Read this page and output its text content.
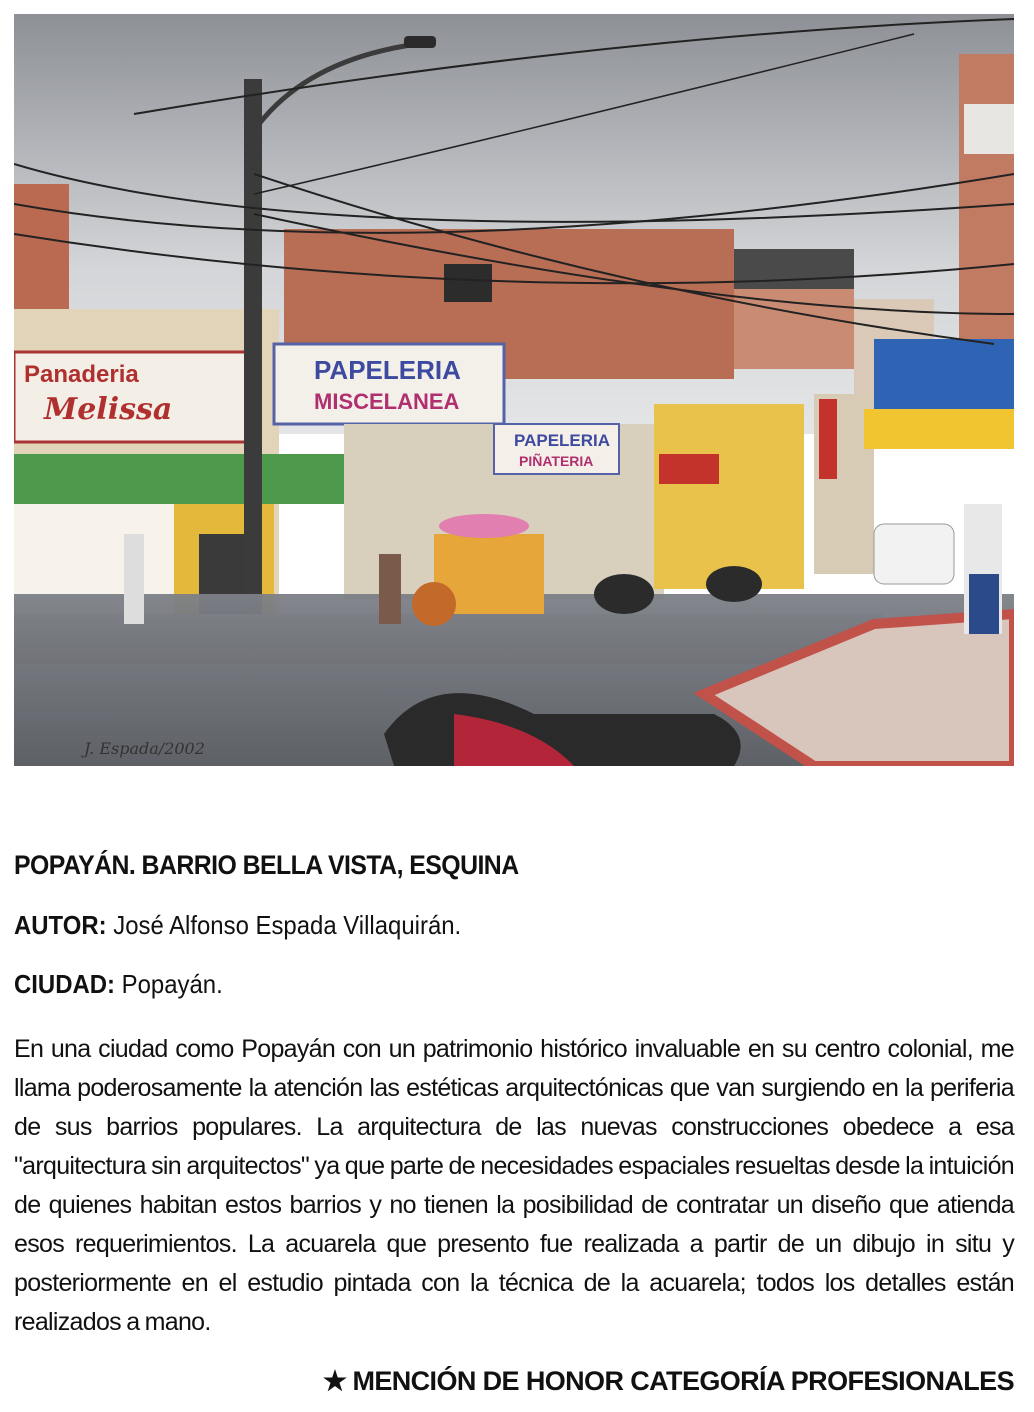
Panaderia
Melissa
PAPELERIA
MISCELANEA
PAPELERIA
PIÑATERIA
J. Espada/2002
POPAYÁN. BARRIO BELLA VISTA, ESQUINA
AUTOR: José Alfonso Espada Villaquirán.
CIUDAD: Popayán.
En una ciudad como Popayán con un patrimonio histórico invaluable en su centro colonial, me llama poderosamente la atención las estéticas arquitectónicas que van surgiendo en la periferia de sus barrios populares. La arquitectura de las nuevas construcciones obedece a esa "arquitectura sin arquitectos" ya que parte de necesidades espaciales resueltas desde la intuición de quienes habitan estos barrios y no tienen la posibilidad de contratar un diseño que atienda esos requerimientos. La acuarela que presento fue realizada a partir de un dibujo in situ y posteriormente en el estudio pintada con la técnica de la acuarela; todos los detalles están realizados a mano.
★ MENCIÓN DE HONOR CATEGORÍA PROFESIONALES
